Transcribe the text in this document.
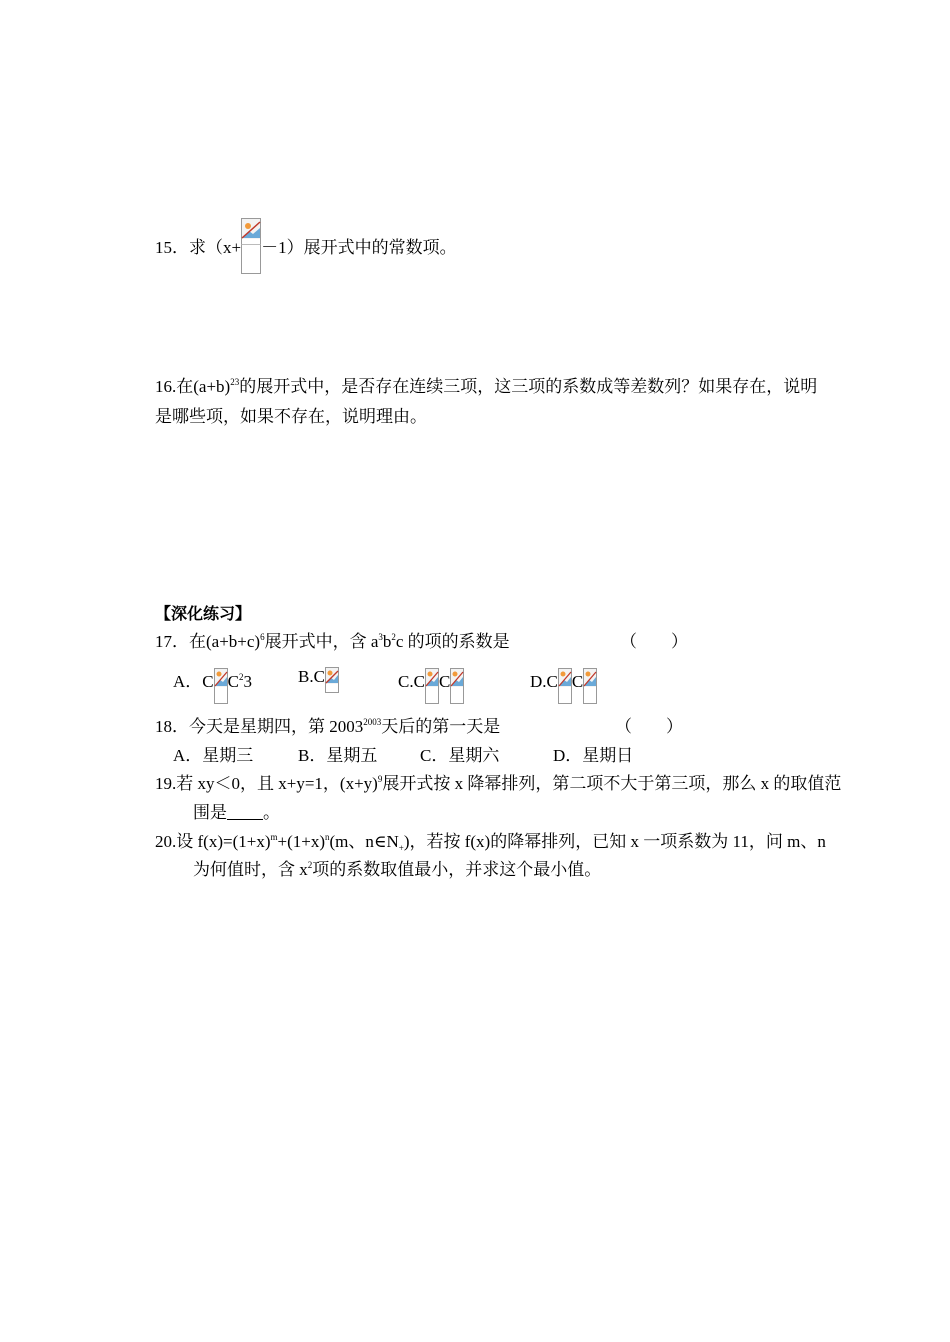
15．求（x+ －1）展开式中的常数项。
16.在$(a+b)^{23}$的展开式中，是否存在连续三项，这三项的系数成等差数列？如果存在，说明
是哪些项，如果不存在，说明理由。
【深化练习】
17．在$(a+b+c)^6$展开式中，含 $a^3b^2c$ 的项的系数是	（　　）
A．C $C^23$	B.C	C.C C	D.C C
18．今天是星期四，第 $2003^{2003}$天后的第一天是	（　　）
A．星期三	B．星期五	C．星期六	D．星期日
19.若 xy＜0，且 x+y=1，$(x+y)^9$展开式按 x 降幂排列，第二项不大于第三项，那么 x 的取值范
围是 。
20.设 $f(x)=(1+x)^m+(1+x)^n(m$、$n\in N_+$)，若按 f(x)的降幂排列，已知 x 一项系数为 11，问 m、n
为何值时，含 $x^2$项的系数取值最小，并求这个最小值。
